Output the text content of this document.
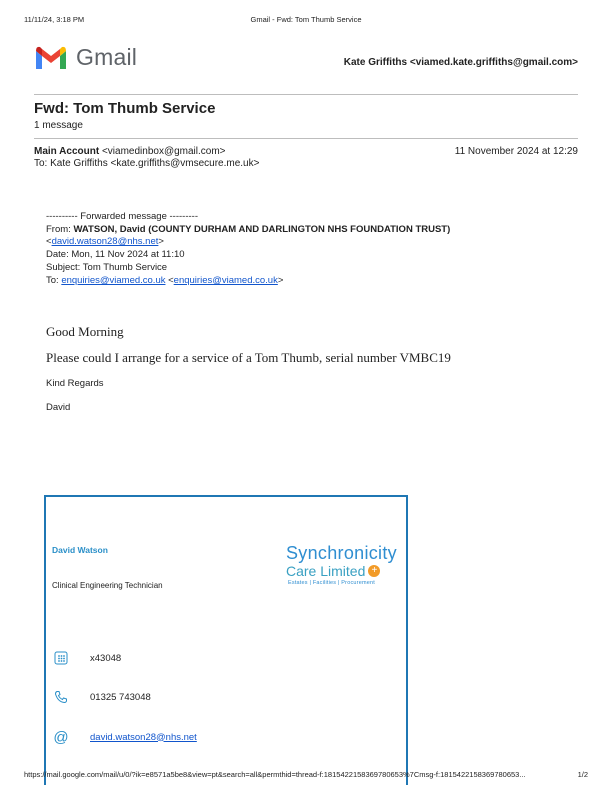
11/11/24, 3:18 PM	Gmail - Fwd: Tom Thumb Service
Gmail	Kate Griffiths <viamed.kate.griffiths@gmail.com>
Fwd: Tom Thumb Service
1 message
Main Account <viamedinbox@gmail.com>	11 November 2024 at 12:29
To: Kate Griffiths <kate.griffiths@vmsecure.me.uk>
---------- Forwarded message ---------
From: WATSON, David (COUNTY DURHAM AND DARLINGTON NHS FOUNDATION TRUST)
<david.watson28@nhs.net>
Date: Mon, 11 Nov 2024 at 11:10
Subject: Tom Thumb Service
To: enquiries@viamed.co.uk <enquiries@viamed.co.uk>
Good Morning
Please could I arrange for a service of a Tom Thumb, serial number VMBC19
Kind Regards
David
David Watson
Clinical Engineering Technician
Synchronicity
Care Limited +
Estates | Facilities | Procurement
x43048
01325 743048
@ david.watson28@nhs.net
https://mail.google.com/mail/u/0/?ik=e8571a5be8&view=pt&search=all&permthid=thread-f:1815422158369780653%7Cmsg-f:1815422158369780653...	1/2
